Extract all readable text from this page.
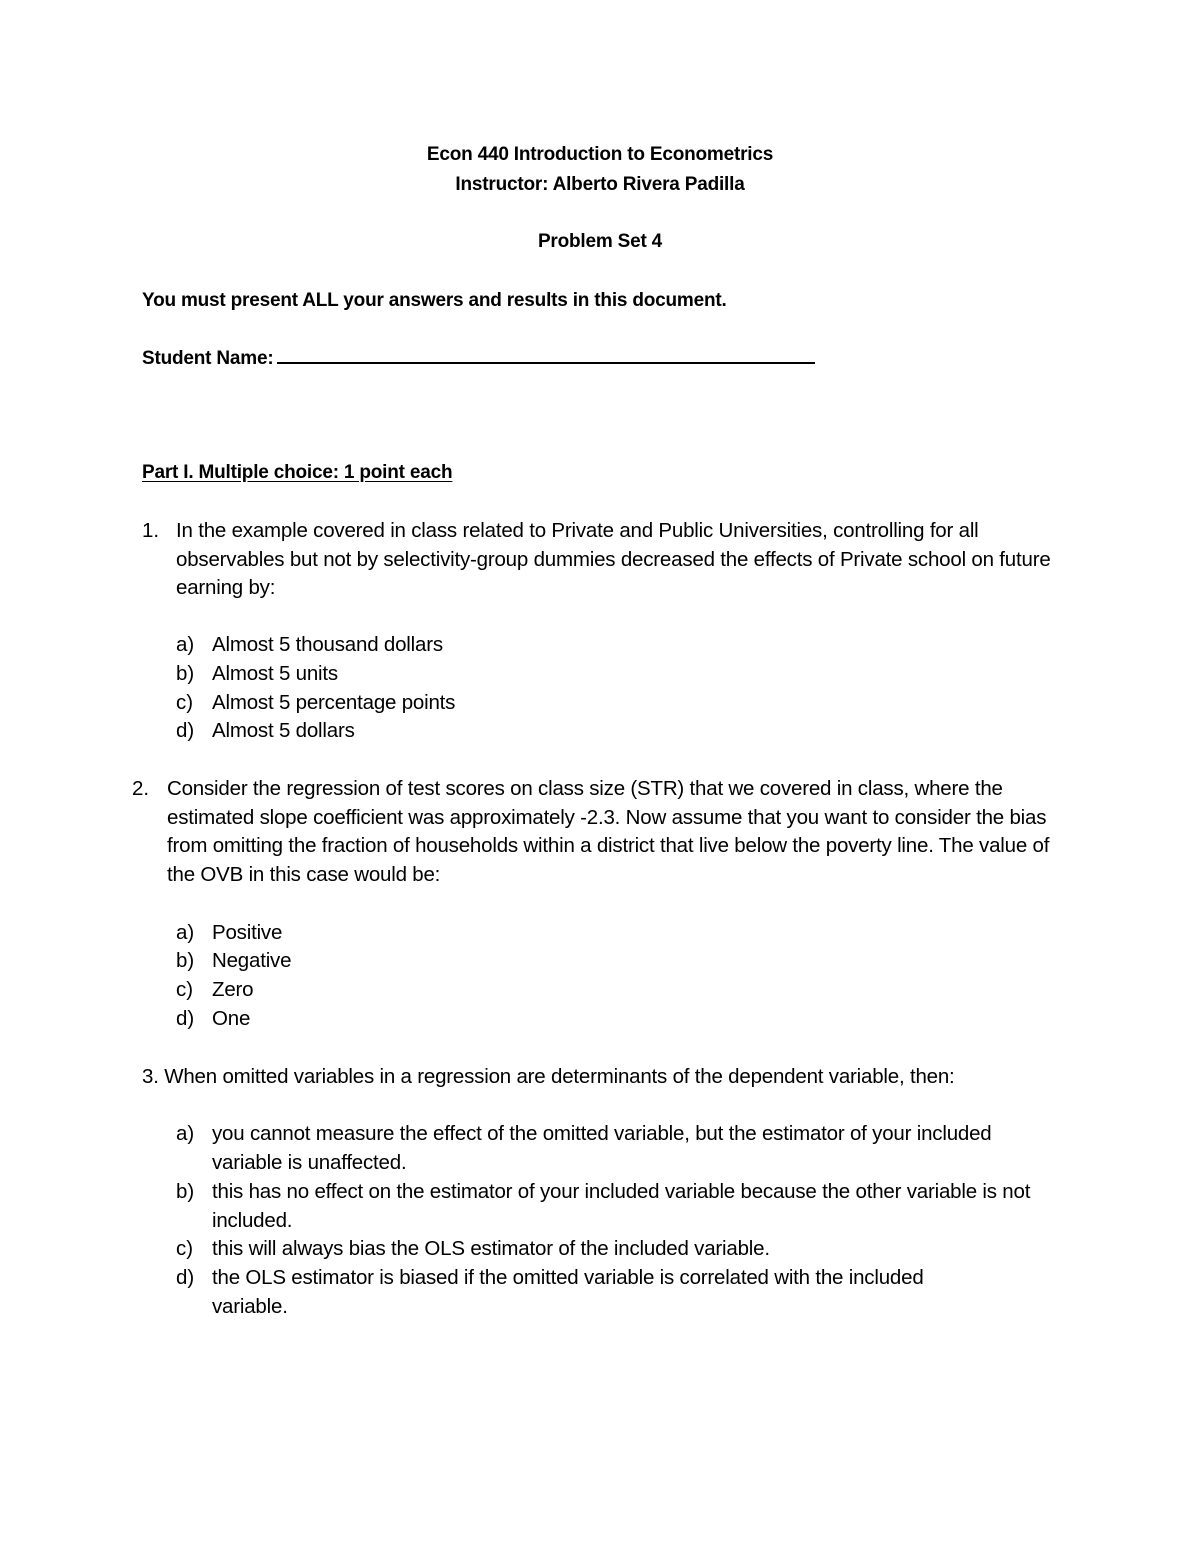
Econ 440 Introduction to Econometrics
Instructor: Alberto Rivera Padilla
Problem Set 4
You must present ALL your answers and results in this document.
Student Name:
Part I. Multiple choice: 1 point each
1. In the example covered in class related to Private and Public Universities, controlling for all observables but not by selectivity-group dummies decreased the effects of Private school on future earning by:
a) Almost 5 thousand dollars
b) Almost 5 units
c) Almost 5 percentage points
d) Almost 5 dollars
2. Consider the regression of test scores on class size (STR) that we covered in class, where the estimated slope coefficient was approximately -2.3. Now assume that you want to consider the bias from omitting the fraction of households within a district that live below the poverty line. The value of the OVB in this case would be:
a) Positive
b) Negative
c) Zero
d) One
3. When omitted variables in a regression are determinants of the dependent variable, then:
a) you cannot measure the effect of the omitted variable, but the estimator of your included variable is unaffected.
b) this has no effect on the estimator of your included variable because the other variable is not included.
c) this will always bias the OLS estimator of the included variable.
d) the OLS estimator is biased if the omitted variable is correlated with the included variable.
